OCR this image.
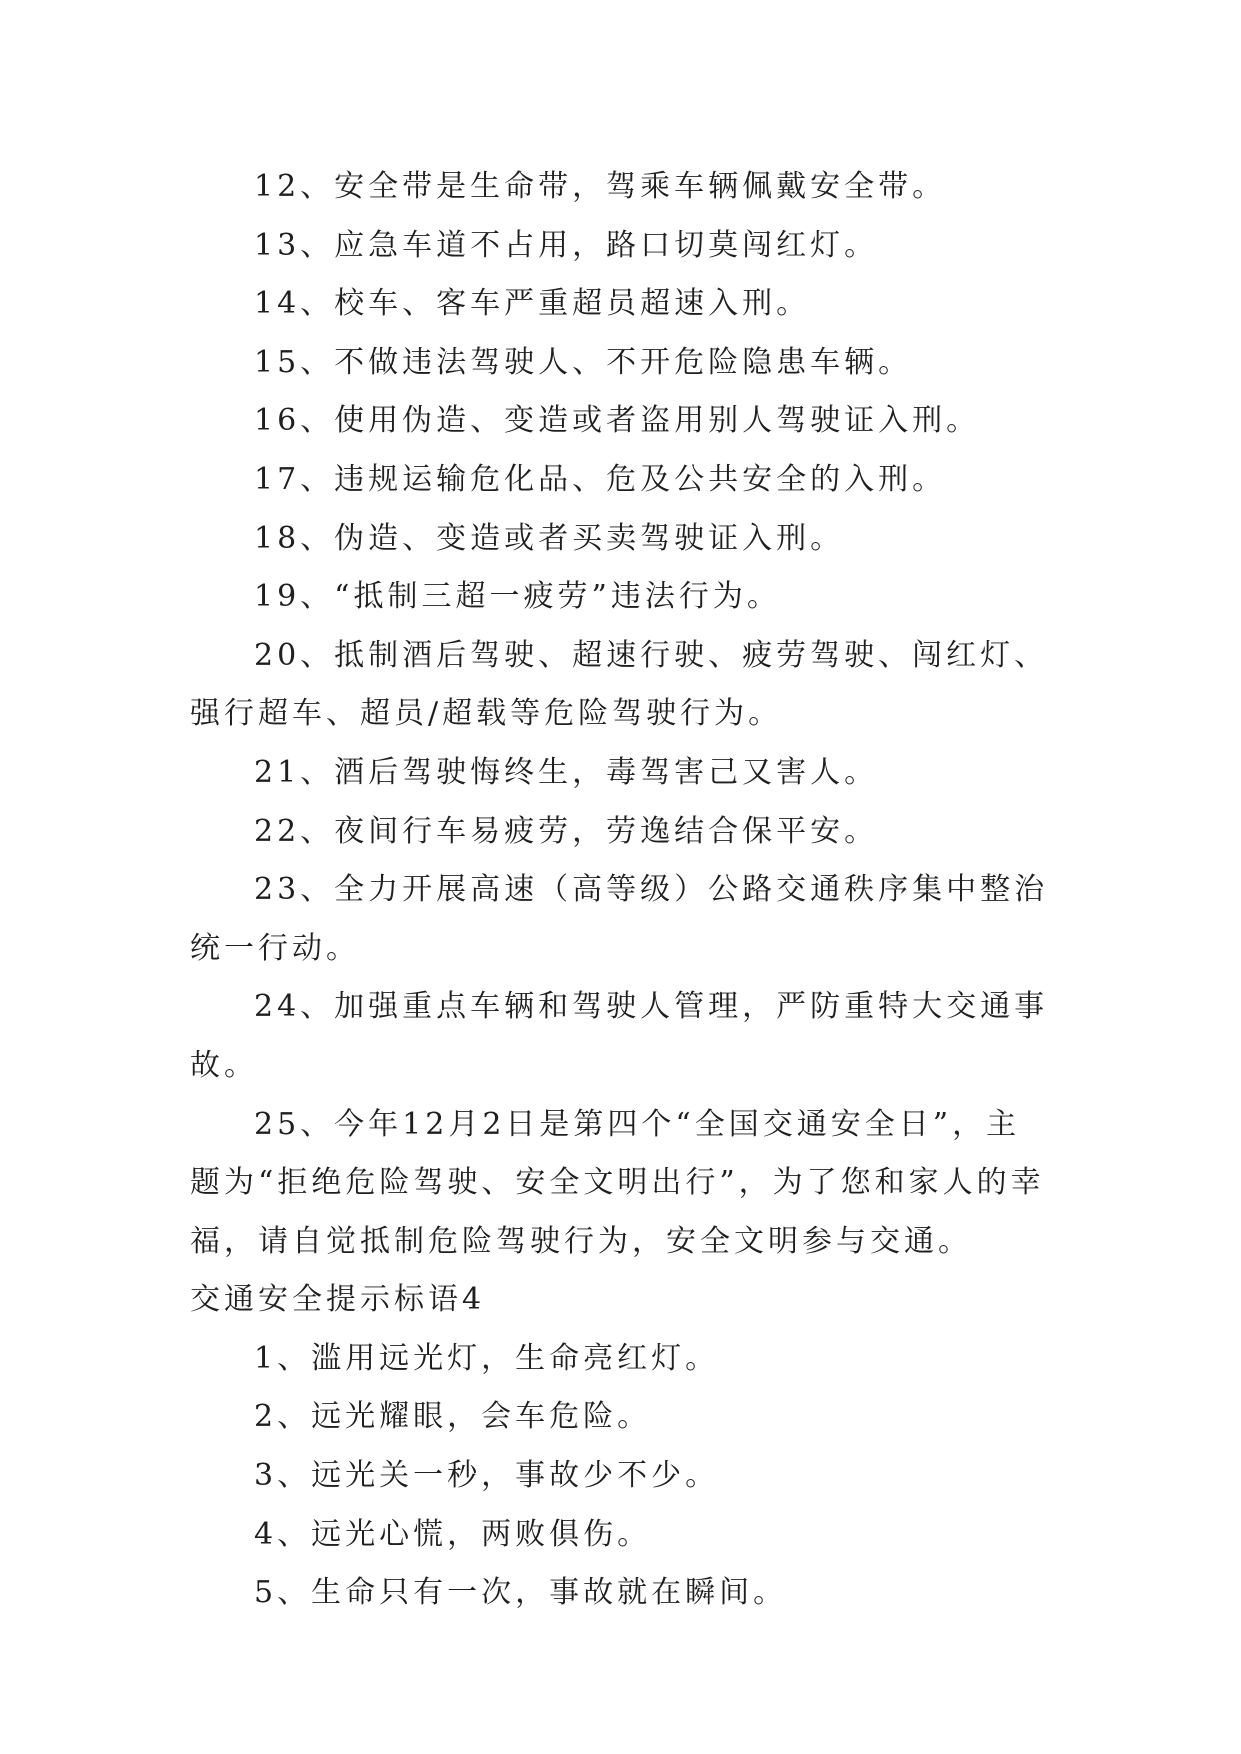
12、安全带是生命带，驾乘车辆佩戴安全带。

13、应急车道不占用，路口切莫闯红灯。

14、校车、客车严重超员超速入刑。

15、不做违法驾驶人、不开危险隐患车辆。

16、使用伪造、变造或者盗用别人驾驶证入刑。

17、违规运输危化品、危及公共安全的入刑。

18、伪造、变造或者买卖驾驶证入刑。

19、“抵制三超一疲劳”违法行为。

20、抵制酒后驾驶、超速行驶、疲劳驾驶、闯红灯、强行超车、超员/超载等危险驾驶行为。

21、酒后驾驶悔终生，毒驾害己又害人。

22、夜间行车易疲劳，劳逸结合保平安。

23、全力开展高速（高等级）公路交通秩序集中整治统一行动。

24、加强重点车辆和驾驶人管理，严防重特大交通事故。

25、今年12月2日是第四个“全国交通安全日”，主题为“拒绝危险驾驶、安全文明出行”，为了您和家人的幸福，请自觉抵制危险驾驶行为，安全文明参与交通。

交通安全提示标语4

1、滥用远光灯，生命亮红灯。

2、远光耀眼，会车危险。

3、远光关一秒，事故少不少。

4、远光心慌，两败俱伤。

5、生命只有一次，事故就在瞬间。
